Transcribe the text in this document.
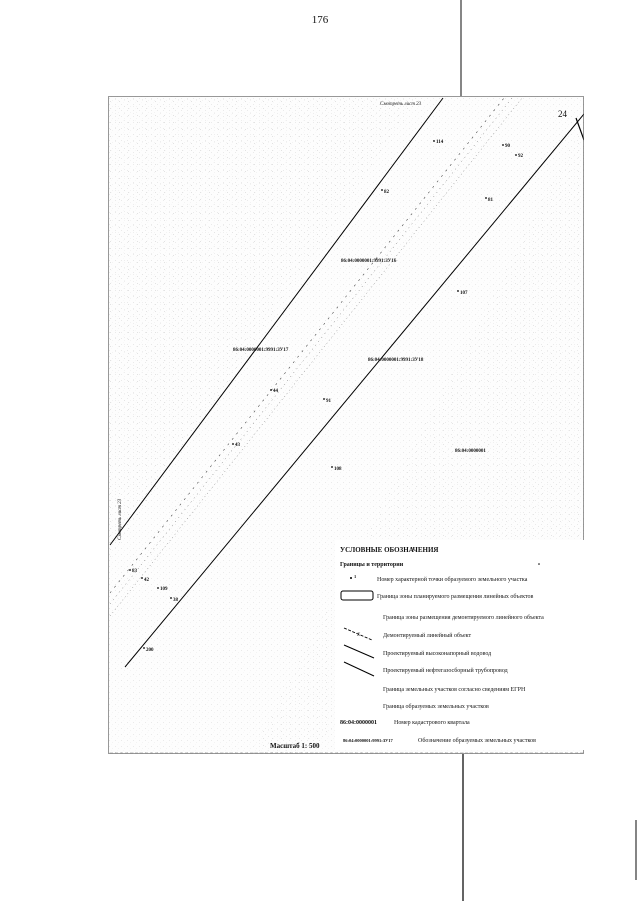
176
24
Смотреть лист 23
Смотреть лист 23
114
90
92
82
81
107
44
91
43
108
83
42
109
38
200
86:04:0000001:9991:ЗУ16
86:04:0000001:9991:ЗУ17
86:04:0000001:9991:ЗУ18
86:04:0000001
УСЛОВНЫЕ ОБОЗНАЧЕНИЯ
Границы и территории
1
Номер характерной точки образуемого земельного участка
Граница зоны планируемого размещения линейных объектов
Граница зоны размещения демонтируемого линейного объекта
Х	Демонтируемый линейный объект
Проектируемый высоконапорный водовод
Проектируемый нефтегазосборный трубопровод
Граница земельных участков согласно сведениям ЕГРН
Граница образуемых земельных участков
86:04:0000001	Номер кадастрового квартала
86:04:0000001:9991:ЗУ17	Обозначение образуемых земельных участков
Масштаб 1: 500
